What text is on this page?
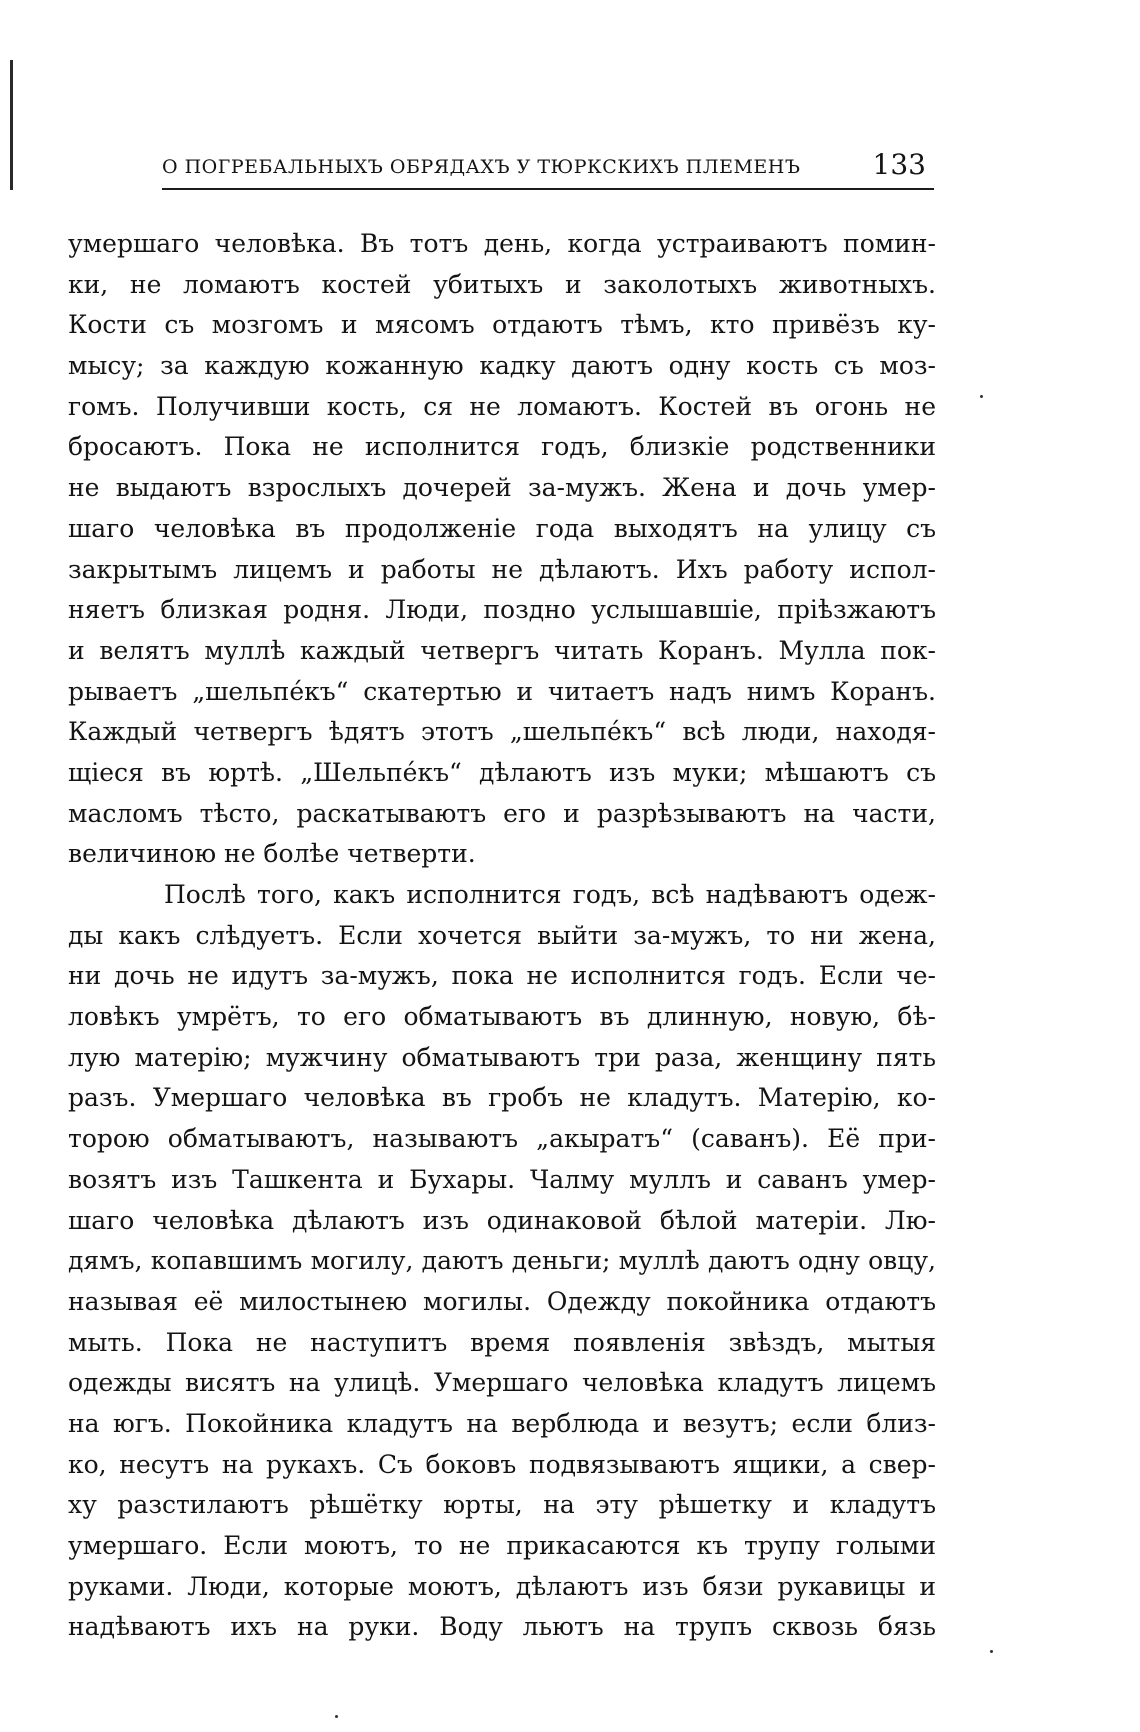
О ПОГРЕБАЛЬНЫХЪ ОБРЯДАХЪ У ТЮРКСКИХЪ ПЛЕМЕНЪ	133
умершаго человѣка. Въ тотъ день, когда устраиваютъ помин-
ки, не ломаютъ костей убитыхъ и заколотыхъ животныхъ.
Кости съ мозгомъ и мясомъ отдаютъ тѣмъ, кто привёзъ ку-
мысу; за каждую кожанную кадку даютъ одну кость съ моз-
гомъ. Получивши кость, ся не ломаютъ. Костей въ огонь не
бросаютъ. Пока не исполнится годъ, близкіе родственники
не выдаютъ взрослыхъ дочерей за-мужъ. Жена и дочь умер-
шаго человѣка въ продолженіе года выходятъ на улицу съ
закрытымъ лицемъ и работы не дѣлаютъ. Ихъ работу испол-
няетъ близкая родня. Люди, поздно услышавшіе, пріѣзжаютъ
и велятъ муллѣ каждый четвергъ читать Коранъ. Мулла пок-
рываетъ „шельпе́къ“ скатертью и читаетъ надъ нимъ Коранъ.
Каждый четвергъ ѣдятъ этотъ „шельпе́къ“ всѣ люди, находя-
щіеся въ юртѣ. „Шельпе́къ“ дѣлаютъ изъ муки; мѣшаютъ съ
масломъ тѣсто, раскатываютъ его и разрѣзываютъ на части,
величиною не болѣе четверти.
Послѣ того, какъ исполнится годъ, всѣ надѣваютъ одеж-
ды какъ слѣдуетъ. Если хочется выйти за-мужъ, то ни жена,
ни дочь не идутъ за-мужъ, пока не исполнится годъ. Если че-
ловѣкъ умрётъ, то его обматываютъ въ длинную, новую, бѣ-
лую матерію; мужчину обматываютъ три раза, женщину пять
разъ. Умершаго человѣка въ гробъ не кладутъ. Матерію, ко-
торою обматываютъ, называютъ „акыратъ“ (саванъ). Её при-
возятъ изъ Ташкента и Бухары. Чалму муллъ и саванъ умер-
шаго человѣка дѣлаютъ изъ одинаковой бѣлой матеріи. Лю-
дямъ, копавшимъ могилу, даютъ деньги; муллѣ даютъ одну овцу,
называя её милостынею могилы. Одежду покойника отдаютъ
мыть. Пока не наступитъ время появленія звѣздъ, мытыя
одежды висятъ на улицѣ. Умершаго человѣка кладутъ лицемъ
на югъ. Покойника кладутъ на верблюда и везутъ; если близ-
ко, несутъ на рукахъ. Съ боковъ подвязываютъ ящики, а свер-
ху разстилаютъ рѣшётку юрты, на эту рѣшетку и кладутъ
умершаго. Если моютъ, то не прикасаются къ трупу голыми
руками. Люди, которые моютъ, дѣлаютъ изъ бязи рукавицы и
надѣваютъ ихъ на руки. Воду льютъ на трупъ сквозь бязь
